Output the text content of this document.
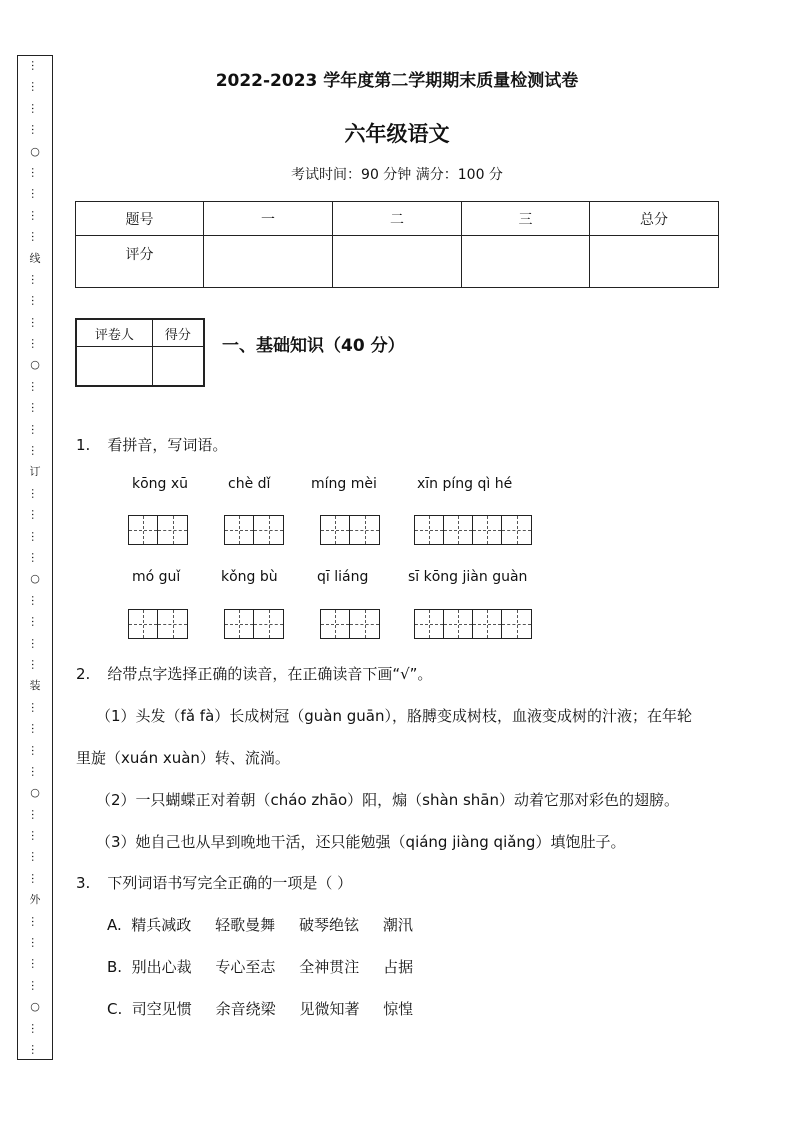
…
…
…
…
○
…
…
…
…
线
…
…
…
…
○
…
…
…
…
订
…
…
…
…
○
…
…
…
…
装
…
…
…
…
○
…
…
…
…
外
…
…
…
…
○
…
…
2022-2023 学年度第二学期期末质量检测试卷
六年级语文
考试时间：90 分钟 满分：100 分
题号	一	二	三	总分
评分				
评卷人	得分

一、基础知识（40 分）
1. 看拼音，写词语。
kōng xū	chè dǐ	míng mèi	xīn píng qì hé
mó guǐ	kǒng bù	qī liáng	sī kōng jiàn guàn
2. 给带点字选择正确的读音，在正确读音下画“√”。
（1）头发（fǎ fà）长成树冠（guàn guān），胳膊变成树枝，血液变成树的汁液；在年轮
里旋（xuán xuàn）转、流淌。
（2）一只蝴蝶正对着朝（cháo zhāo）阳，煽（shàn shān）动着它那对彩色的翅膀。
（3）她自己也从早到晚地干活，还只能勉强（qiáng jiàng qiǎng）填饱肚子。
3. 下列词语书写完全正确的一项是（ ）
A.  精兵减政     轻歌曼舞     破琴绝铉     潮汛
B.  别出心裁     专心至志     全神贯注     占据
C.  司空见惯     余音绕梁     见微知著     惊惶
